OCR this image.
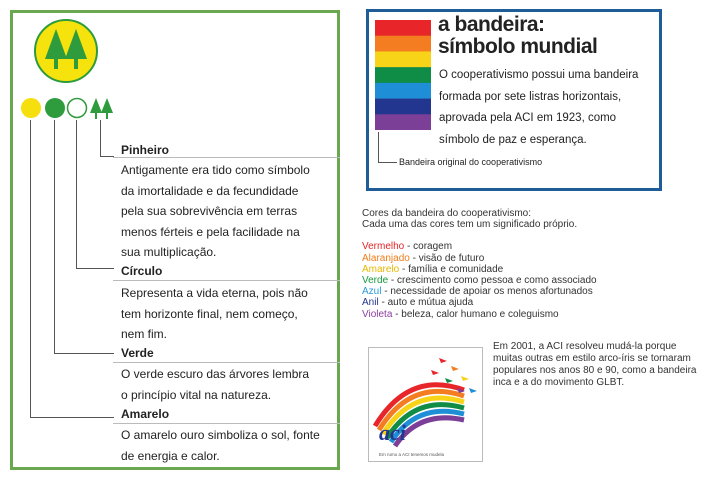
Pinheiro
Antigamente era tido como símbolo
da imortalidade e da fecundidade
pela sua sobrevivência em terras
menos férteis e pela facilidade na
sua multiplicação.
Círculo
Representa a vida eterna, pois não
tem horizonte final, nem começo,
nem fim.
Verde
O verde escuro das árvores lembra
o princípio vital na natureza.
Amarelo
O amarelo ouro simboliza o sol, fonte
de energia e calor.
a bandeira:
símbolo mundial
O cooperativismo possui uma bandeira
formada por sete listras horizontais,
aprovada pela ACI em 1923, como
símbolo de paz e esperança.
Bandeira original do cooperativismo
Cores da bandeira do cooperativismo:
Cada uma das cores tem um significado próprio.
Vermelho - coragem
Alaranjado - visão de futuro
Amarelo - família e comunidade
Verde - crescimento como pessoa e como associado
Azul - necessidade de apoiar os menos afortunados
Anil - auto e mútua ajuda
Violeta - beleza, calor humano e coleguismo
aci
Em rumo a ACI tenemos mudela
Em 2001, a ACI resolveu mudá-la porque
muitas outras em estilo arco-íris se tornaram
populares nos anos 80 e 90, como a bandeira
inca e a do movimento GLBT.
